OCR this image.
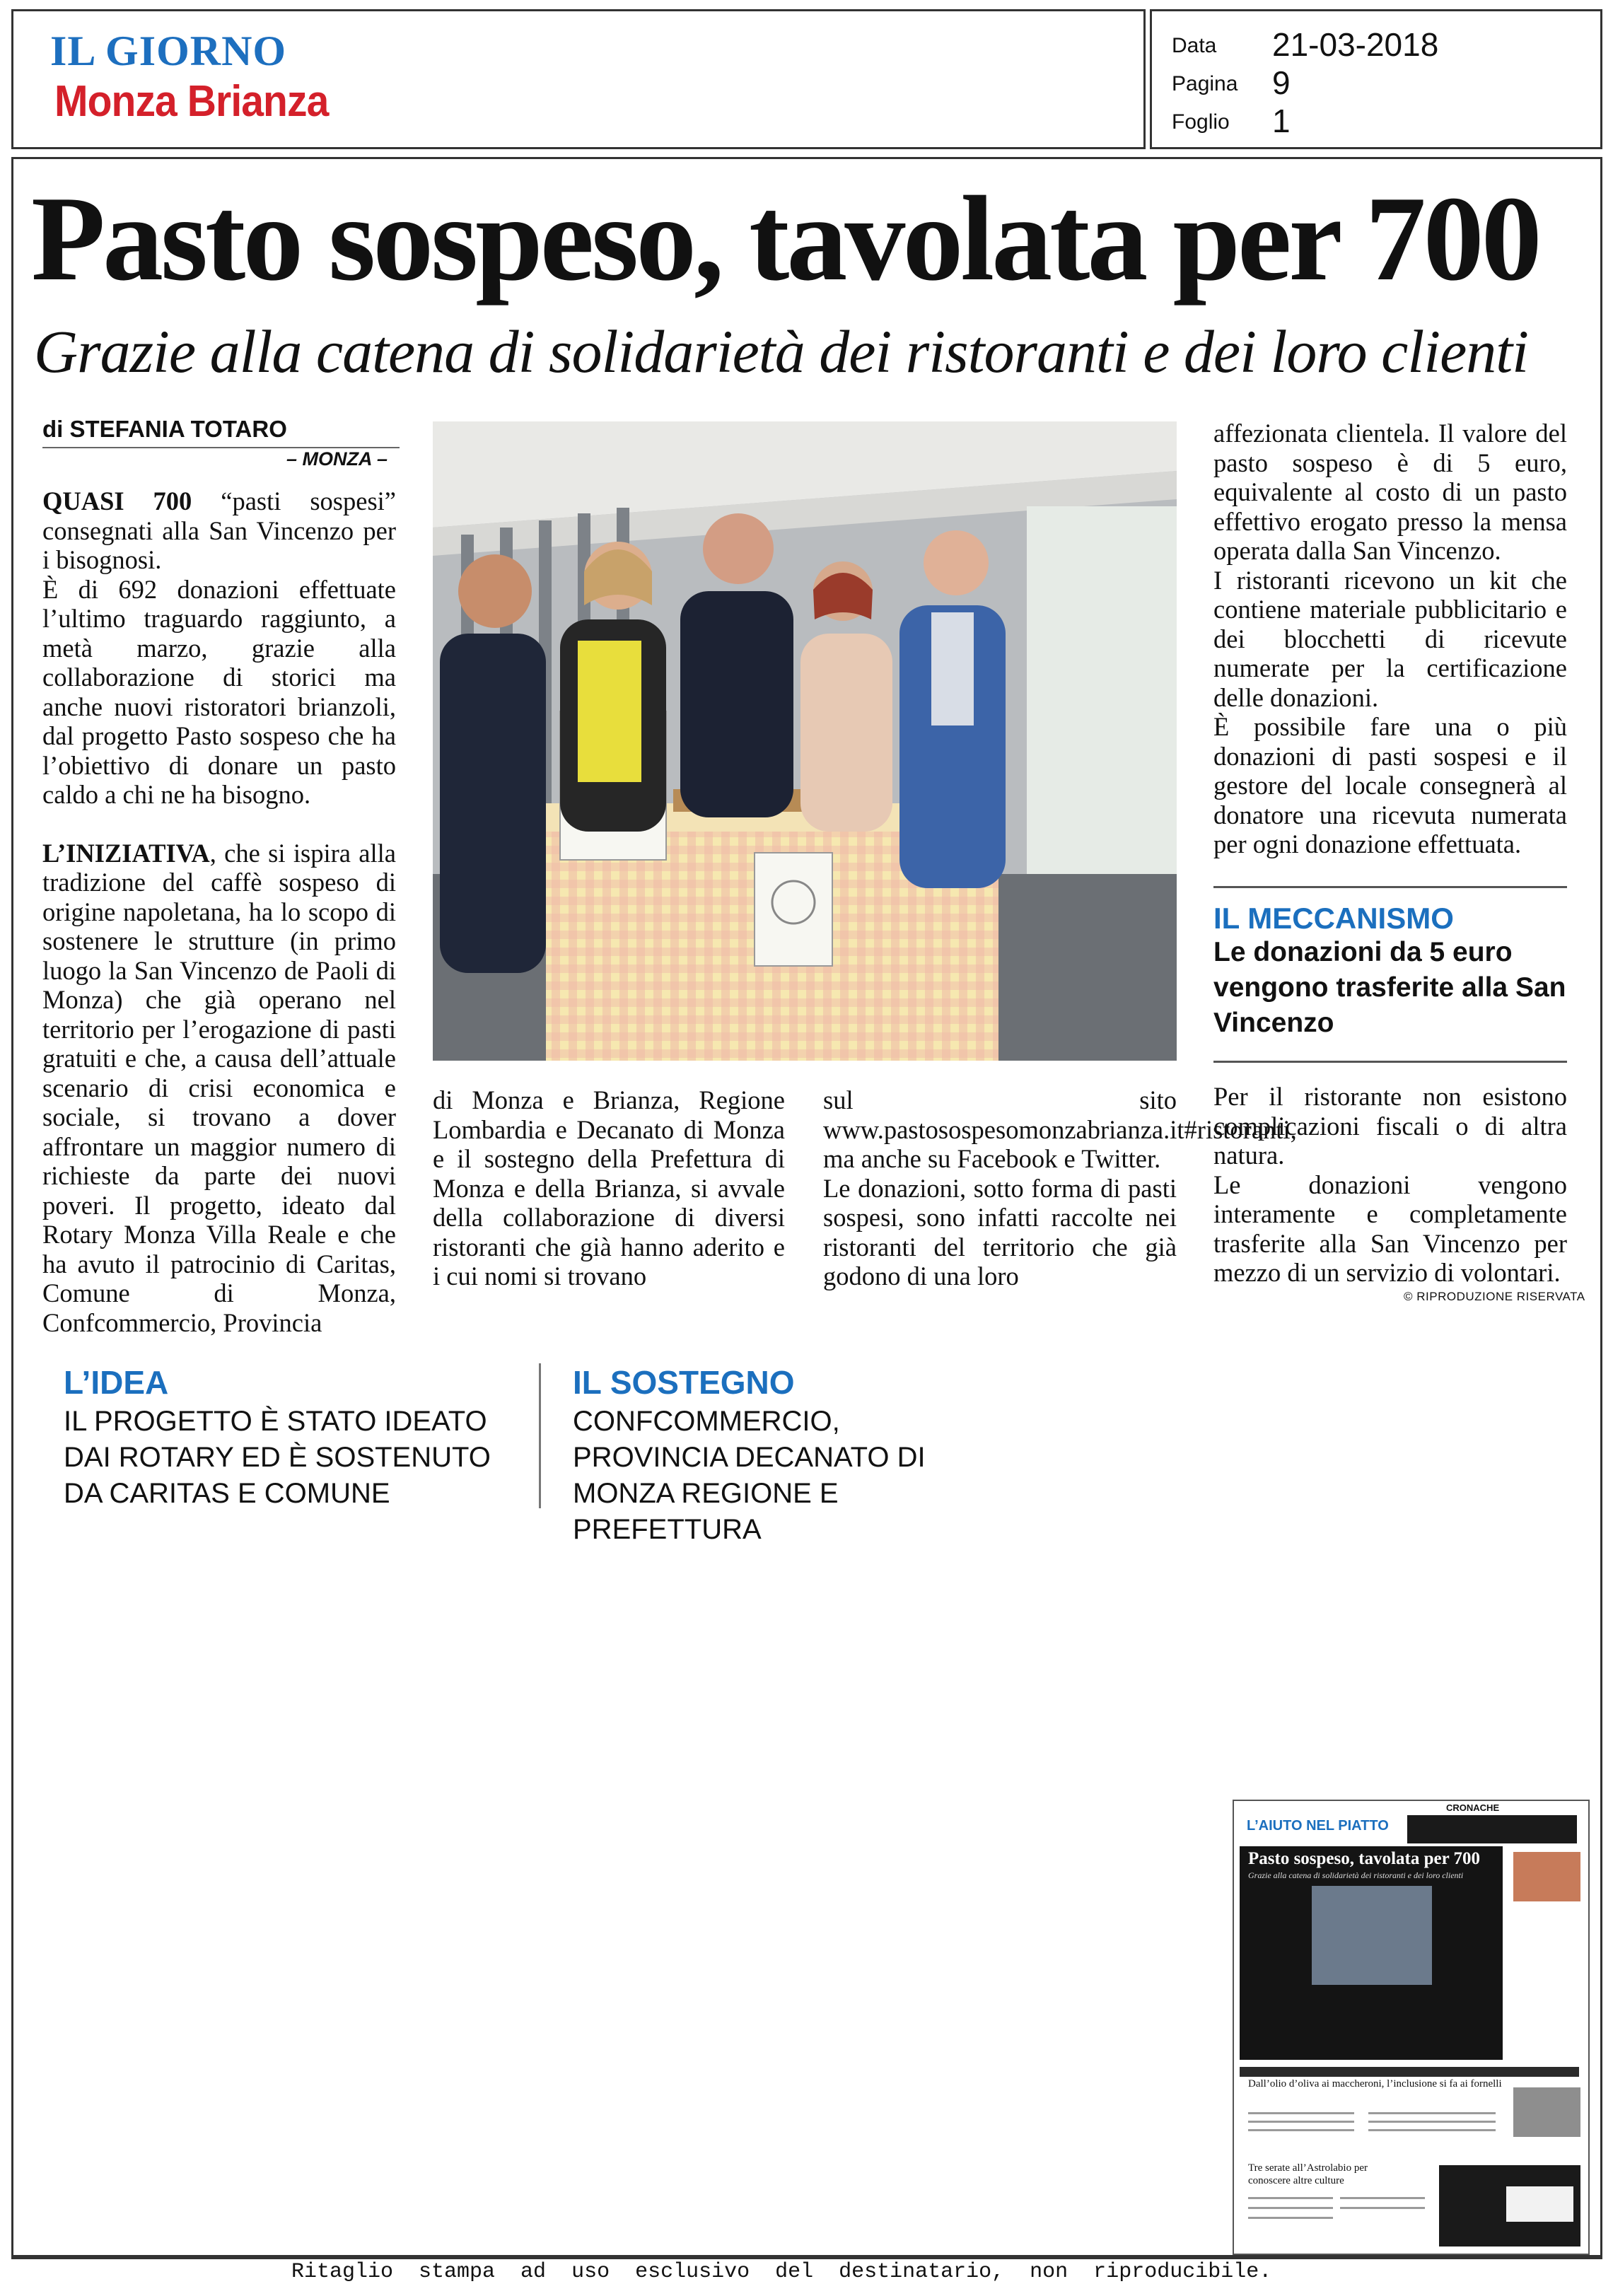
IL GIORNO
Monza Brianza
Data 21-03-2018
Pagina 9
Foglio 1
Pasto sospeso, tavolata per 700
Grazie alla catena di solidarietà dei ristoranti e dei loro clienti
di STEFANIA TOTARO
– MONZA –

QUASI 700 “pasti sospesi” consegnati alla San Vincenzo per i bisognosi.

È di 692 donazioni effettuate l’ultimo traguardo raggiunto, a metà marzo, grazie alla collaborazione di storici ma anche nuovi ristoratori brianzoli, dal progetto Pasto sospeso che ha l’obiettivo di donare un pasto caldo a chi ne ha bisogno.

L’INIZIATIVA, che si ispira alla tradizione del caffè sospeso di origine napoletana, ha lo scopo di sostenere le strutture (in primo luogo la San Vincenzo de Paoli di Monza) che già operano nel territorio per l’erogazione di pasti gratuiti e che, a causa dell’attuale scenario di crisi economica e sociale, si trovano a dover affrontare un maggior numero di richieste da parte dei nuovi poveri. Il progetto, ideato dal Rotary Monza Villa Reale e che ha avuto il patrocinio di Caritas, Comune di Monza, Confcommercio, Provincia

di Monza e Brianza, Regione Lombardia e Decanato di Monza e il sostegno della Prefettura di Monza e della Brianza, si avvale della collaborazione di diversi ristoranti che già hanno aderito e i cui nomi si trovano

sul sito www.pastosospesomonzabrianza.it#ristoranti, ma anche su Facebook e Twitter.

Le donazioni, sotto forma di pasti sospesi, sono infatti raccolte nei ristoranti del territorio che già godono di una loro

affezionata clientela. Il valore del pasto sospeso è di 5 euro, equivalente al costo di un pasto effettivo erogato presso la mensa operata dalla San Vincenzo.

I ristoranti ricevono un kit che contiene materiale pubblicitario e dei blocchetti di ricevute numerate per la certificazione delle donazioni.

È possibile fare una o più donazioni di pasti sospesi e il gestore del locale consegnerà al donatore una ricevuta numerata per ogni donazione effettuata.

IL MECCANISMO
Le donazioni da 5 euro vengono trasferite alla San Vincenzo

Per il ristorante non esistono complicazioni fiscali o di altra natura.

Le donazioni vengono interamente e completamente trasferite alla San Vincenzo per mezzo di un servizio di volontari.

© RIPRODUZIONE RISERVATA
L’IDEA
IL PROGETTO È STATO IDEATO DAI ROTARY ED È SOSTENUTO DA CARITAS E COMUNE
IL SOSTEGNO
CONFCOMMERCIO, PROVINCIA DECANATO DI MONZA REGIONE E PREFETTURA
CRONACHE
L’AIUTO NEL PIATTO
Pasto sospeso, tavolata per 700
Grazie alla catena di solidarietà dei ristoranti e dei loro clienti
Dall’olio d’oliva ai maccheroni, l’inclusione si fa ai fornelli
Tre serate all’Astrolabio per conoscere altre culture
Ritaglio  stampa  ad  uso  esclusivo  del  destinatario,  non  riproducibile.
